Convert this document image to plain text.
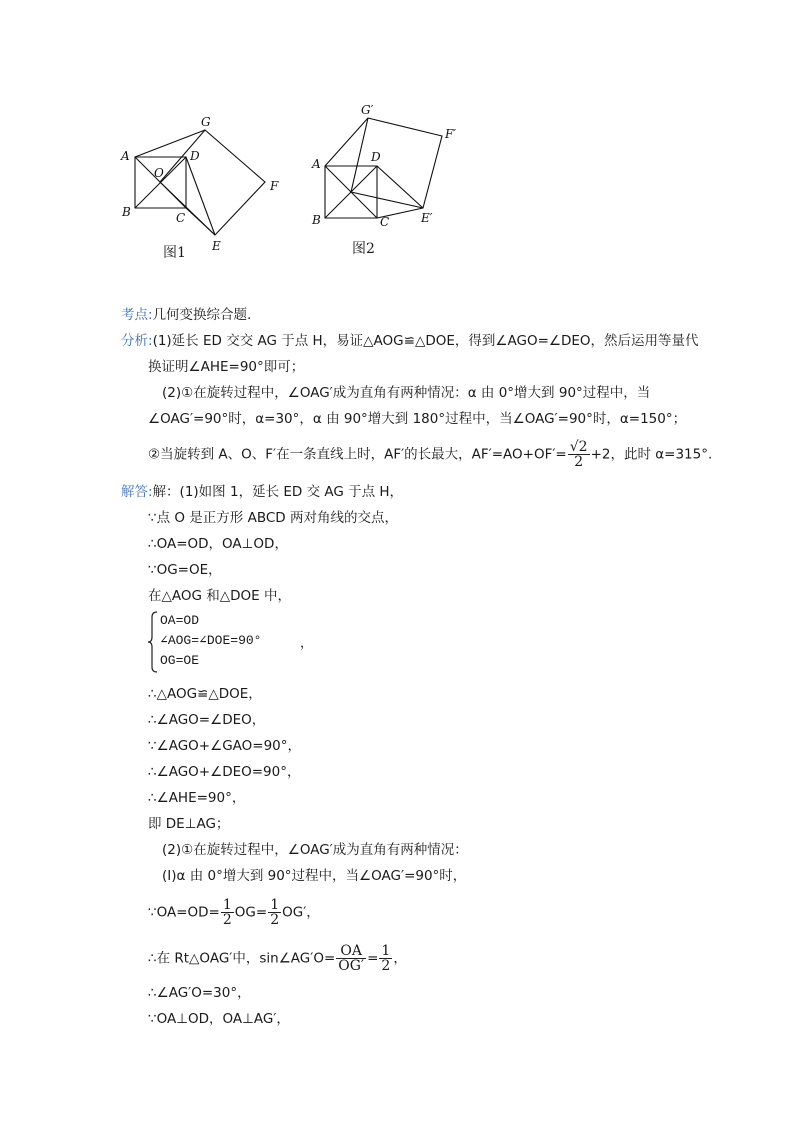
A
B	C
D
O
G
F
E
图1
A
B	C
D
G′
F′
E′
图2
考点:几何变换综合题.
分析:(1)延长 ED 交交 AG 于点 H，易证△AOG≌△DOE，得到∠AGO=∠DEO，然后运用等量代
换证明∠AHE=90°即可；
(2)①在旋转过程中，∠OAG′成为直角有两种情况：α 由 0°增大到 90°过程中，当
∠OAG′=90°时，α=30°，α 由 90°增大到 180°过程中，当∠OAG′=90°时，α=150°；
②当旋转到 A、O、F′在一条直线上时，AF′的长最大，$AF'=AO+OF'= \frac{√2}{2} +2$，此时 α=315°.
解答:解：(1)如图 1，延长 ED 交 AG 于点 H，
∵点 O 是正方形 ABCD 两对角线的交点，
∴OA=OD，OA⊥OD，
∵OG=OE，
在△AOG 和△DOE 中，
OA=OD
∠AOG=∠DOE=90°
OG=OE
，
∴△AOG≌△DOE，
∴∠AGO=∠DEO，
∵∠AGO+∠GAO=90°，
∴∠AGO+∠DEO=90°，
∴∠AHE=90°，
即 DE⊥AG；
(2)①在旋转过程中，∠OAG′成为直角有两种情况：
(Ⅰ)α 由 0°增大到 90°过程中，当∠OAG′=90°时，
∵OA=OD= $\frac{1}{2} OG= \frac{1}{2} OG'$，
∴在 Rt△OAG′中，sin∠AG′O= $\frac{OA}{OG'} = \frac{1}{2}$ ，
∴∠AG′O=30°，
∵OA⊥OD，OA⊥AG′，
